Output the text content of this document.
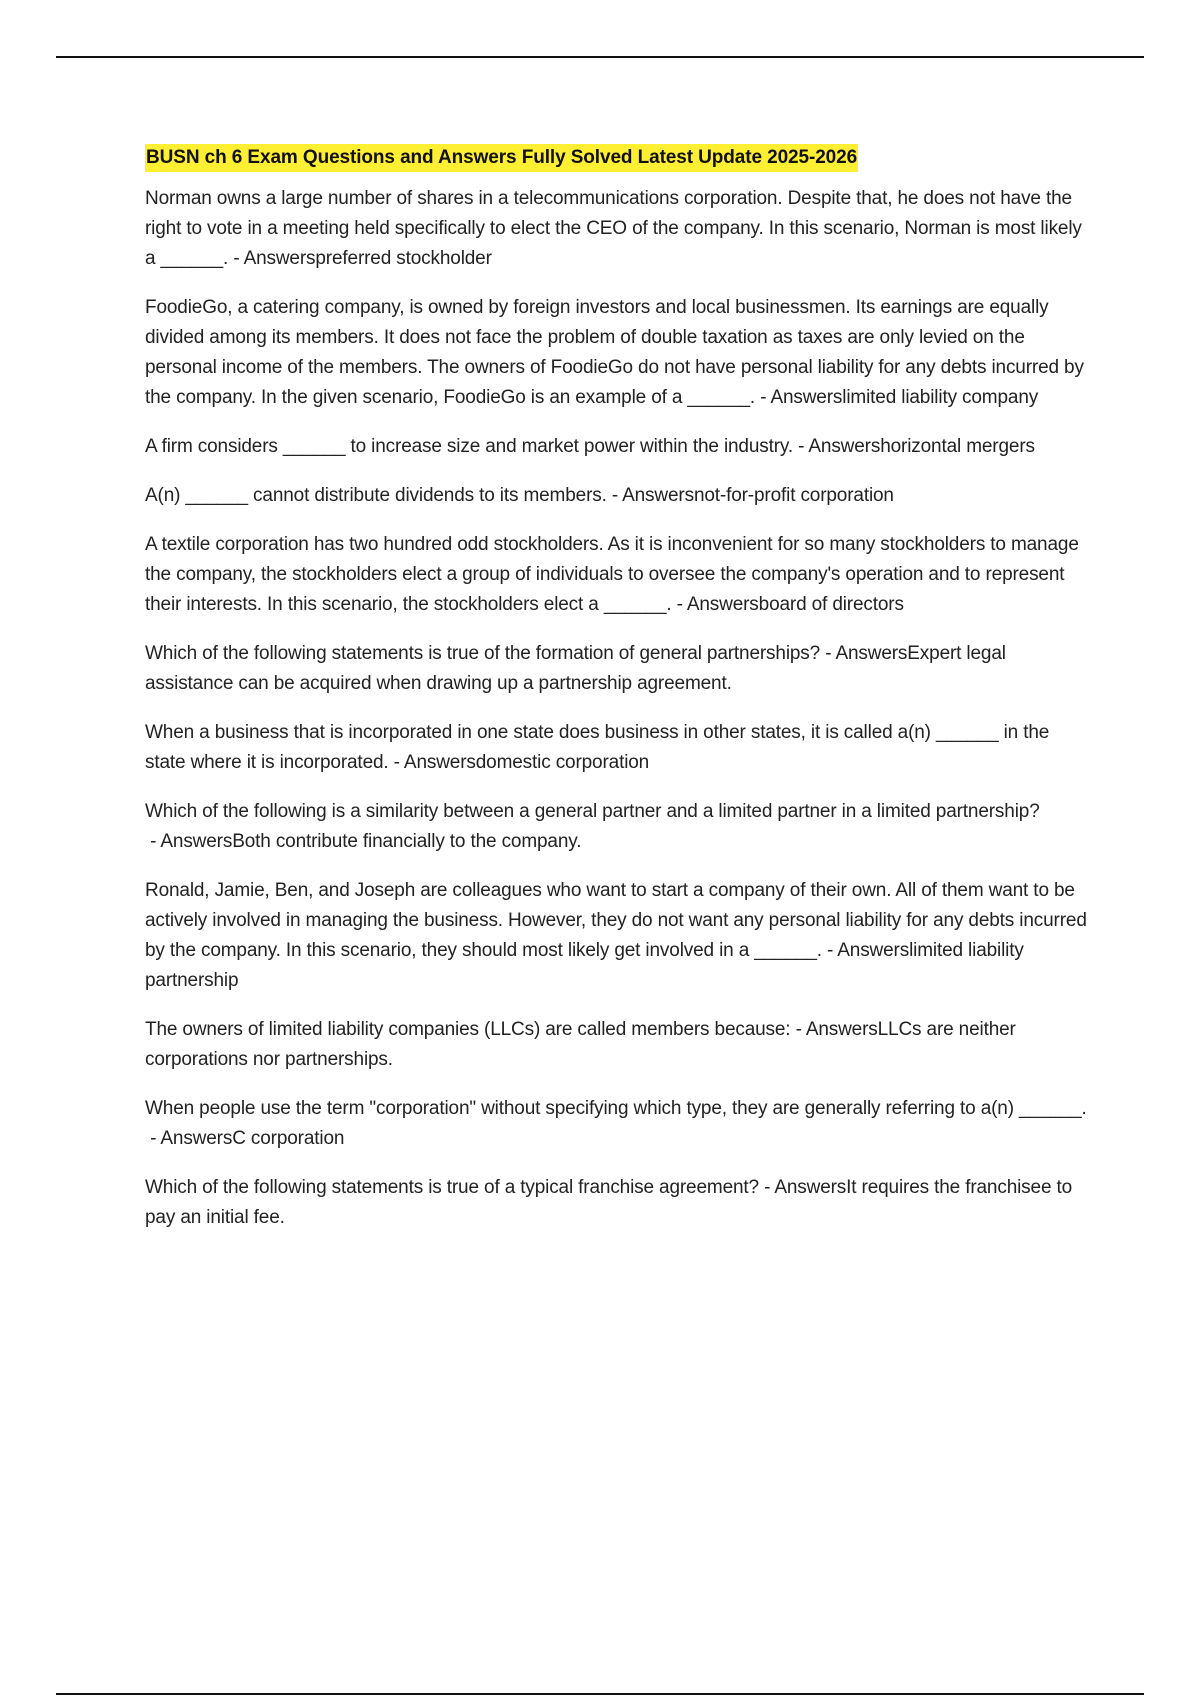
BUSN ch 6 Exam Questions and Answers Fully Solved Latest Update 2025-2026
Norman owns a large number of shares in a telecommunications corporation. Despite that, he does not have the right to vote in a meeting held specifically to elect the CEO of the company. In this scenario, Norman is most likely a ______. - Answerspreferred stockholder
FoodieGo, a catering company, is owned by foreign investors and local businessmen. Its earnings are equally divided among its members. It does not face the problem of double taxation as taxes are only levied on the personal income of the members. The owners of FoodieGo do not have personal liability for any debts incurred by the company. In the given scenario, FoodieGo is an example of a ______. - Answerslimited liability company
A firm considers ______ to increase size and market power within the industry. - Answershorizontal mergers
A(n) ______ cannot distribute dividends to its members. - Answersnot-for-profit corporation
A textile corporation has two hundred odd stockholders. As it is inconvenient for so many stockholders to manage the company, the stockholders elect a group of individuals to oversee the company's operation and to represent their interests. In this scenario, the stockholders elect a ______. - Answersboard of directors
Which of the following statements is true of the formation of general partnerships? - AnswersExpert legal assistance can be acquired when drawing up a partnership agreement.
When a business that is incorporated in one state does business in other states, it is called a(n) ______ in the state where it is incorporated. - Answersdomestic corporation
Which of the following is a similarity between a general partner and a limited partner in a limited partnership? - AnswersBoth contribute financially to the company.
Ronald, Jamie, Ben, and Joseph are colleagues who want to start a company of their own. All of them want to be actively involved in managing the business. However, they do not want any personal liability for any debts incurred by the company. In this scenario, they should most likely get involved in a ______. - Answerslimited liability partnership
The owners of limited liability companies (LLCs) are called members because: - AnswersLLCs are neither corporations nor partnerships.
When people use the term "corporation" without specifying which type, they are generally referring to a(n) ______. - AnswersC corporation
Which of the following statements is true of a typical franchise agreement? - AnswersIt requires the franchisee to pay an initial fee.
